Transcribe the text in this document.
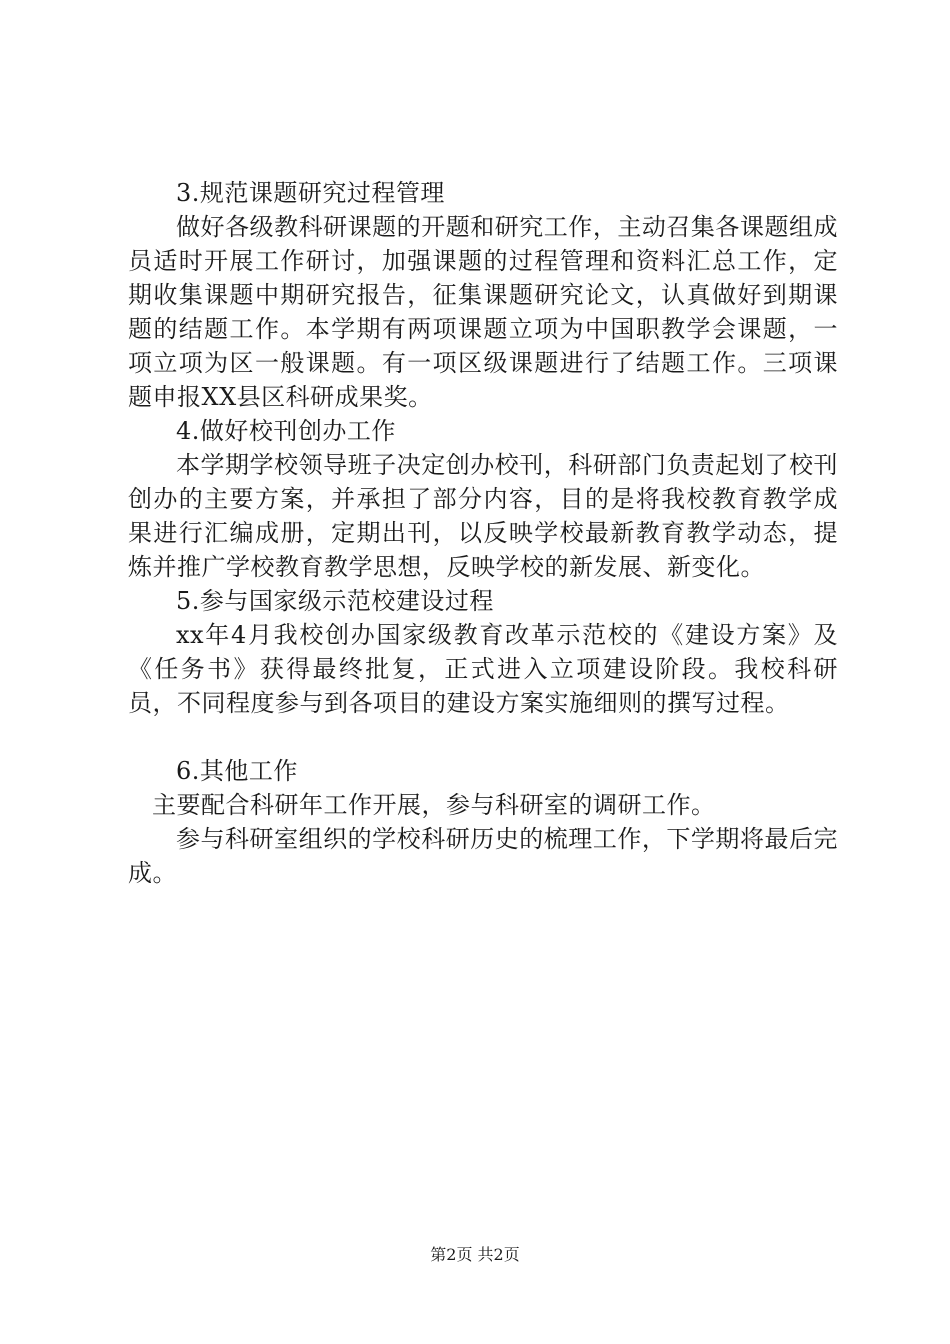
3.规范课题研究过程管理

做好各级教科研课题的开题和研究工作，主动召集各课题组成员适时开展工作研讨，加强课题的过程管理和资料汇总工作，定期收集课题中期研究报告，征集课题研究论文，认真做好到期课题的结题工作。本学期有两项课题立项为中国职教学会课题，一项立项为区一般课题。有一项区级课题进行了结题工作。三项课题申报XX县区科研成果奖。

4.做好校刊创办工作

本学期学校领导班子决定创办校刊，科研部门负责起划了校刊创办的主要方案，并承担了部分内容，目的是将我校教育教学成果进行汇编成册，定期出刊，以反映学校最新教育教学动态，提炼并推广学校教育教学思想，反映学校的新发展、新变化。

5.参与国家级示范校建设过程

xx年4月我校创办国家级教育改革示范校的《建设方案》及《任务书》获得最终批复，正式进入立项建设阶段。我校科研员，不同程度参与到各项目的建设方案实施细则的撰写过程。

6.其他工作

主要配合科研年工作开展，参与科研室的调研工作。

参与科研室组织的学校科研历史的梳理工作，下学期将最后完成。

第2页 共2页
